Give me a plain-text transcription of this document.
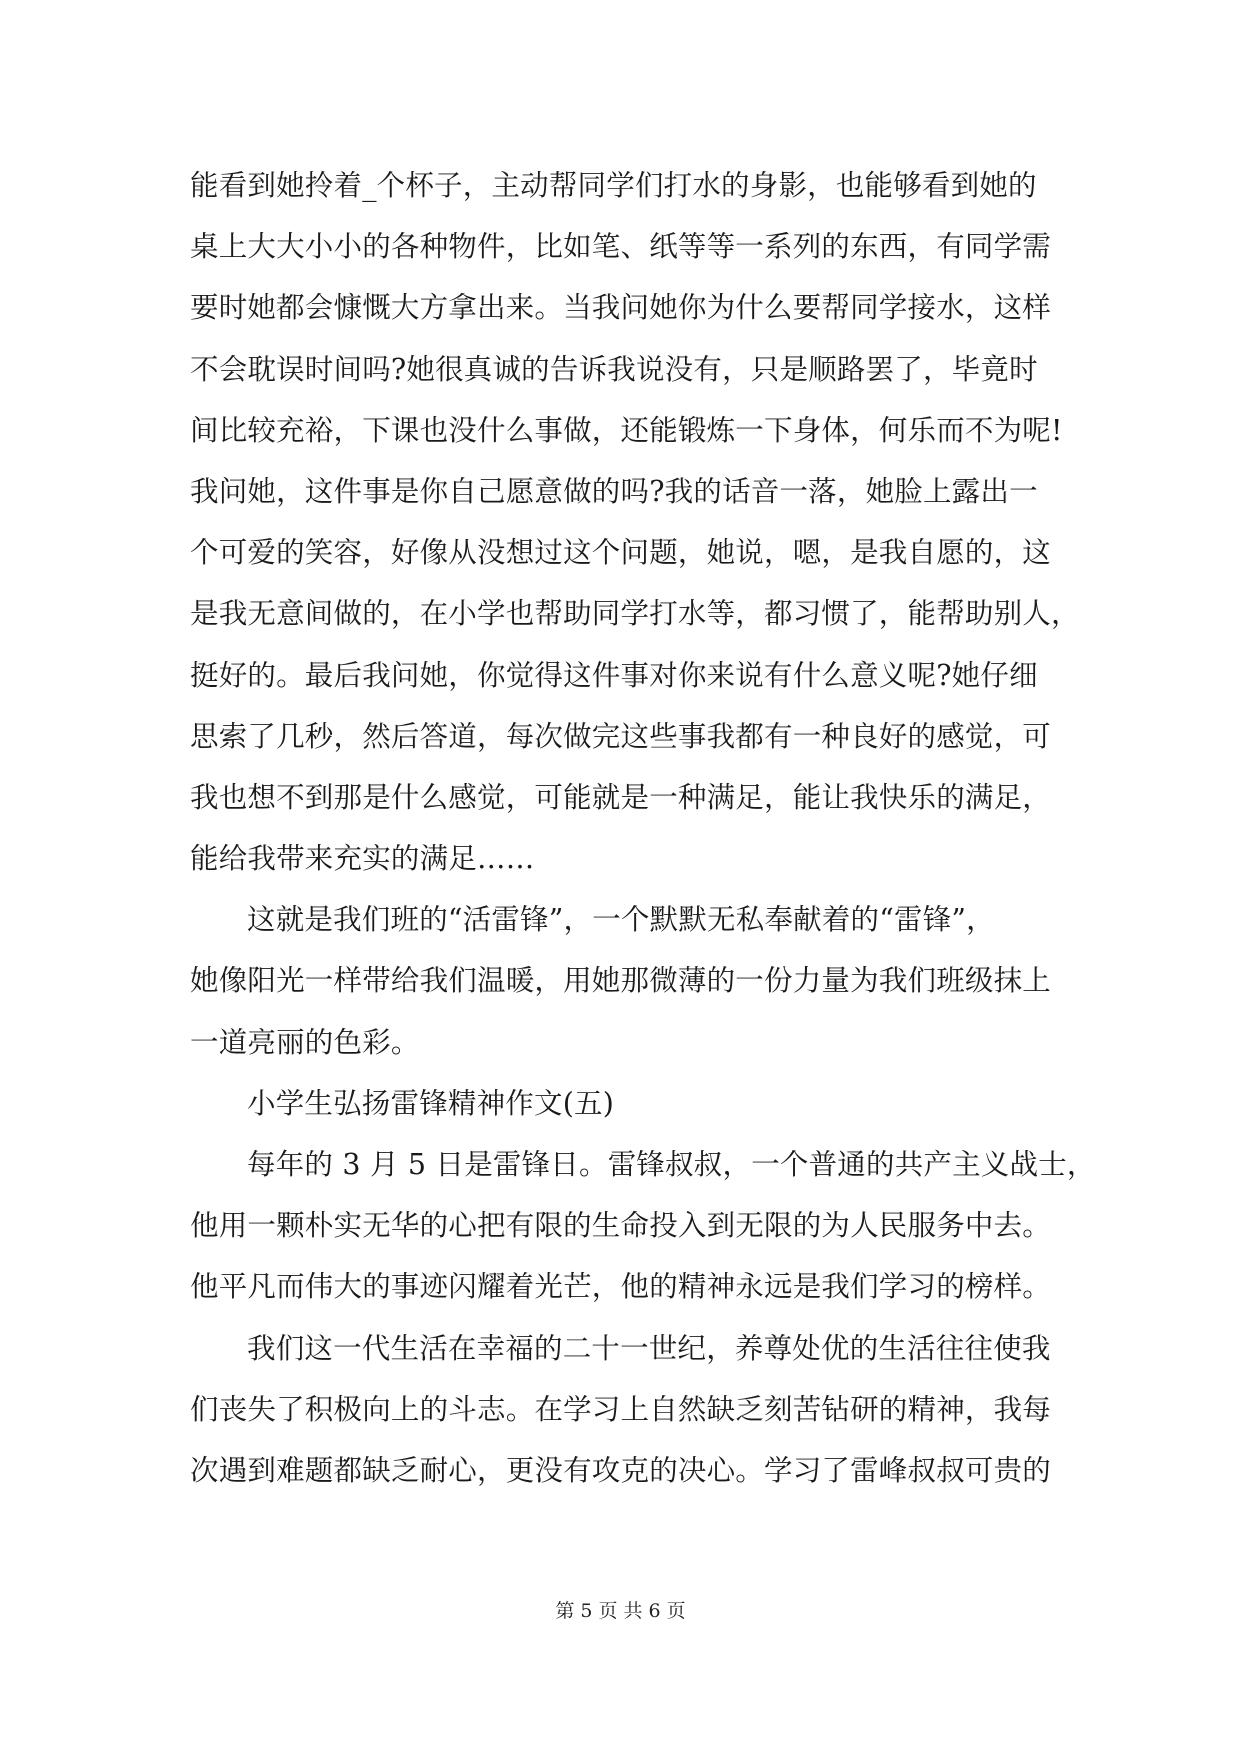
能看到她拎着_个杯子，主动帮同学们打水的身影，也能够看到她的
桌上大大小小的各种物件，比如笔、纸等等一系列的东西，有同学需
要时她都会慷慨大方拿出来。当我问她你为什么要帮同学接水，这样
不会耽误时间吗?她很真诚的告诉我说没有，只是顺路罢了，毕竟时
间比较充裕，下课也没什么事做，还能锻炼一下身体，何乐而不为呢!
我问她，这件事是你自己愿意做的吗?我的话音一落，她脸上露出一
个可爱的笑容，好像从没想过这个问题，她说，嗯，是我自愿的，这
是我无意间做的，在小学也帮助同学打水等，都习惯了，能帮助别人，
挺好的。最后我问她，你觉得这件事对你来说有什么意义呢?她仔细
思索了几秒，然后答道，每次做完这些事我都有一种良好的感觉，可
我也想不到那是什么感觉，可能就是一种满足，能让我快乐的满足，
能给我带来充实的满足……
这就是我们班的“活雷锋”，一个默默无私奉献着的“雷锋”，
她像阳光一样带给我们温暖，用她那微薄的一份力量为我们班级抹上
一道亮丽的色彩。
小学生弘扬雷锋精神作文(五)
每年的 3 月 5 日是雷锋日。雷锋叔叔，一个普通的共产主义战士，
他用一颗朴实无华的心把有限的生命投入到无限的为人民服务中去。
他平凡而伟大的事迹闪耀着光芒，他的精神永远是我们学习的榜样。
我们这一代生活在幸福的二十一世纪，养尊处优的生活往往使我
们丧失了积极向上的斗志。在学习上自然缺乏刻苦钻研的精神，我每
次遇到难题都缺乏耐心，更没有攻克的决心。学习了雷峰叔叔可贵的
第 5 页 共 6 页
